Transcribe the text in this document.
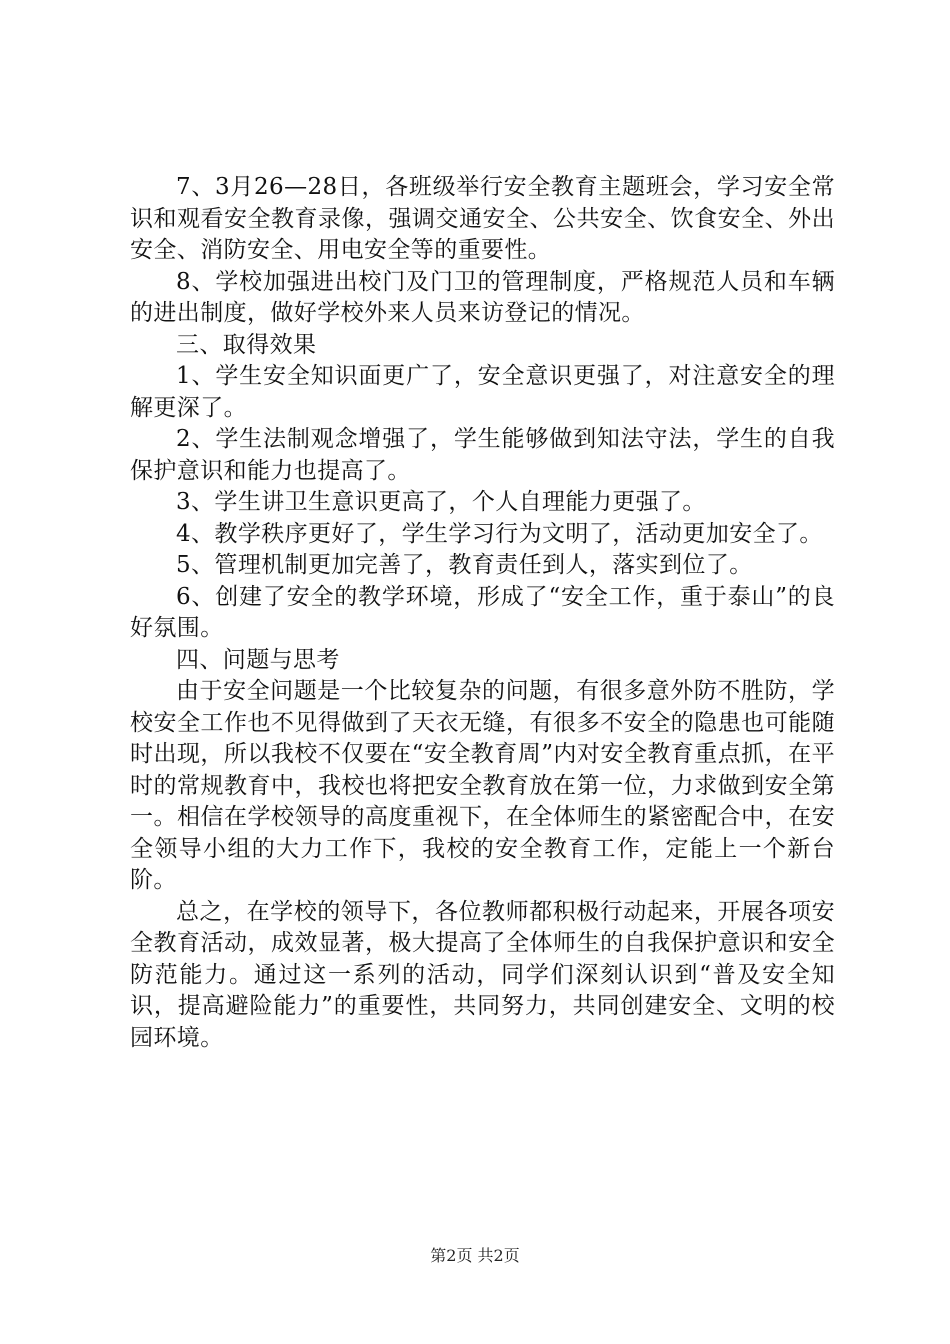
7、3月26—28日，各班级举行安全教育主题班会，学习安全常识和观看安全教育录像，强调交通安全、公共安全、饮食安全、外出安全、消防安全、用电安全等的重要性。

8、学校加强进出校门及门卫的管理制度，严格规范人员和车辆的进出制度，做好学校外来人员来访登记的情况。

三、取得效果

1、学生安全知识面更广了，安全意识更强了，对注意安全的理解更深了。

2、学生法制观念增强了，学生能够做到知法守法，学生的自我保护意识和能力也提高了。

3、学生讲卫生意识更高了，个人自理能力更强了。

4、教学秩序更好了，学生学习行为文明了，活动更加安全了。

5、管理机制更加完善了，教育责任到人，落实到位了。

6、创建了安全的教学环境，形成了“安全工作，重于泰山”的良好氛围。

四、问题与思考

由于安全问题是一个比较复杂的问题，有很多意外防不胜防，学校安全工作也不见得做到了天衣无缝，有很多不安全的隐患也可能随时出现，所以我校不仅要在“安全教育周”内对安全教育重点抓，在平时的常规教育中，我校也将把安全教育放在第一位，力求做到安全第一。相信在学校领导的高度重视下，在全体师生的紧密配合中，在安全领导小组的大力工作下，我校的安全教育工作，定能上一个新台阶。

总之，在学校的领导下，各位教师都积极行动起来，开展各项安全教育活动，成效显著，极大提高了全体师生的自我保护意识和安全防范能力。通过这一系列的活动，同学们深刻认识到“普及安全知识，提高避险能力”的重要性，共同努力，共同创建安全、文明的校园环境。

第2页 共2页
